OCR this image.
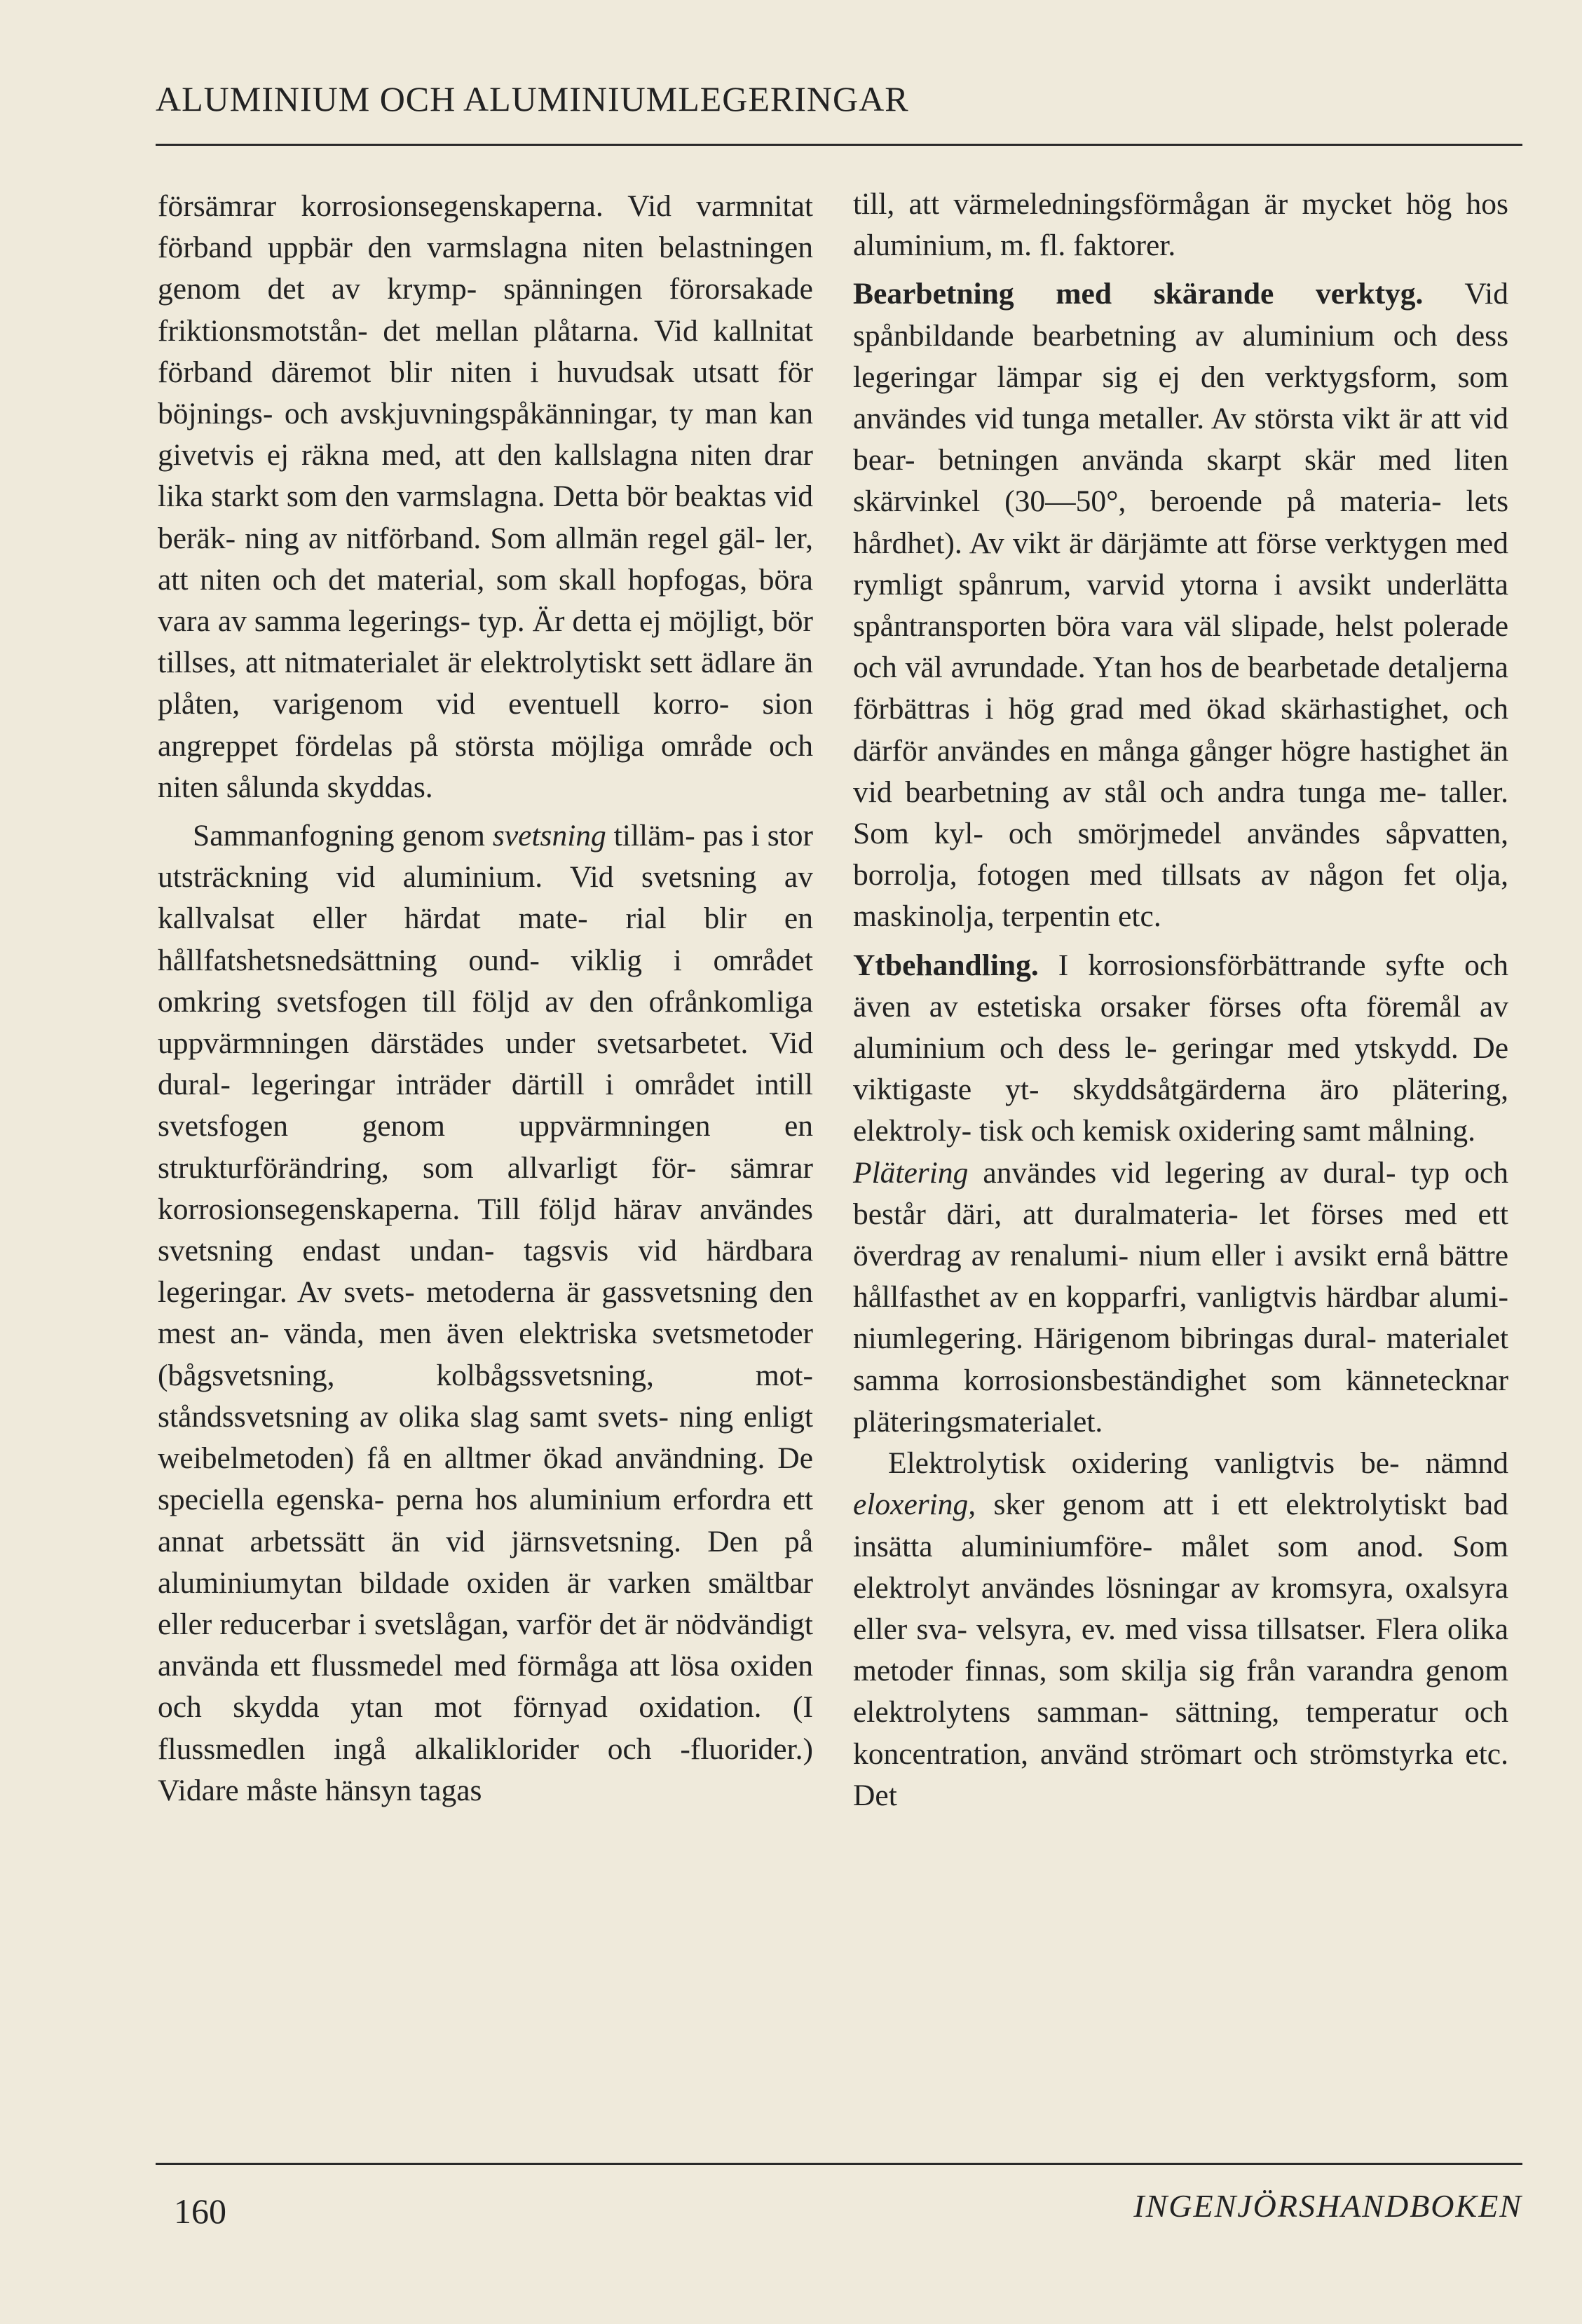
ALUMINIUM OCH ALUMINIUMLEGERINGAR

försämrar korrosionsegenskaperna. Vid varmnitat förband uppbär den varmslagna niten belastningen genom det av krymp- spänningen förorsakade friktionsmotstån- det mellan plåtarna. Vid kallnitat förband däremot blir niten i huvudsak utsatt för böjnings- och avskjuvningspåkänningar, ty man kan givetvis ej räkna med, att den kallslagna niten drar lika starkt som den varmslagna. Detta bör beaktas vid beräk- ning av nitförband. Som allmän regel gäl- ler, att niten och det material, som skall hopfogas, böra vara av samma legerings- typ. Är detta ej möjligt, bör tillses, att nitmaterialet är elektrolytiskt sett ädlare än plåten, varigenom vid eventuell korro- sion angreppet fördelas på största möjliga område och niten sålunda skyddas.

Sammanfogning genom svetsning tilläm- pas i stor utsträckning vid aluminium. Vid svetsning av kallvalsat eller härdat mate- rial blir en hållfatshetsnedsättning ound- viklig i området omkring svetsfogen till följd av den ofrånkomliga uppvärmningen därstädes under svetsarbetet. Vid dural- legeringar inträder därtill i området intill svetsfogen genom uppvärmningen en strukturförändring, som allvarligt för- sämrar korrosionsegenskaperna. Till följd härav användes svetsning endast undan- tagsvis vid härdbara legeringar. Av svets- metoderna är gassvetsning den mest an- vända, men även elektriska svetsmetoder (bågsvetsning, kolbågssvetsning, mot- ståndssvetsning av olika slag samt svets- ning enligt weibelmetoden) få en alltmer ökad användning. De speciella egenska- perna hos aluminium erfordra ett annat arbetssätt än vid järnsvetsning. Den på aluminiumytan bildade oxiden är varken smältbar eller reducerbar i svetslågan, varför det är nödvändigt använda ett flussmedel med förmåga att lösa oxiden och skydda ytan mot förnyad oxidation. (I flussmedlen ingå alkaliklorider och -fluorider.) Vidare måste hänsyn tagas

till, att värmeledningsförmågan är mycket hög hos aluminium, m. fl. faktorer.

Bearbetning med skärande verktyg. Vid spånbildande bearbetning av aluminium och dess legeringar lämpar sig ej den verktygsform, som användes vid tunga metaller. Av största vikt är att vid bear- betningen använda skarpt skär med liten skärvinkel (30—50°, beroende på materia- lets hårdhet). Av vikt är därjämte att förse verktygen med rymligt spånrum, varvid ytorna i avsikt underlätta spåntransporten böra vara väl slipade, helst polerade och väl avrundade. Ytan hos de bearbetade detaljerna förbättras i hög grad med ökad skärhastighet, och därför användes en många gånger högre hastighet än vid bearbetning av stål och andra tunga me- taller. Som kyl- och smörjmedel användes såpvatten, borrolja, fotogen med tillsats av någon fet olja, maskinolja, terpentin etc.

Ytbehandling. I korrosionsförbättrande syfte och även av estetiska orsaker förses ofta föremål av aluminium och dess le- geringar med ytskydd. De viktigaste yt- skyddsåtgärderna äro plätering, elektroly- tisk och kemisk oxidering samt målning.

Plätering användes vid legering av dural- typ och består däri, att duralmateria- let förses med ett överdrag av renalumi- nium eller i avsikt ernå bättre hållfasthet av en kopparfri, vanligtvis härdbar alumi- niumlegering. Härigenom bibringas dural- materialet samma korrosionsbeständighet som kännetecknar pläteringsmaterialet.

Elektrolytisk oxidering vanligtvis be- nämnd eloxering, sker genom att i ett elektrolytiskt bad insätta aluminiumföre- målet som anod. Som elektrolyt användes lösningar av kromsyra, oxalsyra eller sva- velsyra, ev. med vissa tillsatser. Flera olika metoder finnas, som skilja sig från varandra genom elektrolytens samman- sättning, temperatur och koncentration, använd strömart och strömstyrka etc. Det

160	INGENJÖRSHANDBOKEN
